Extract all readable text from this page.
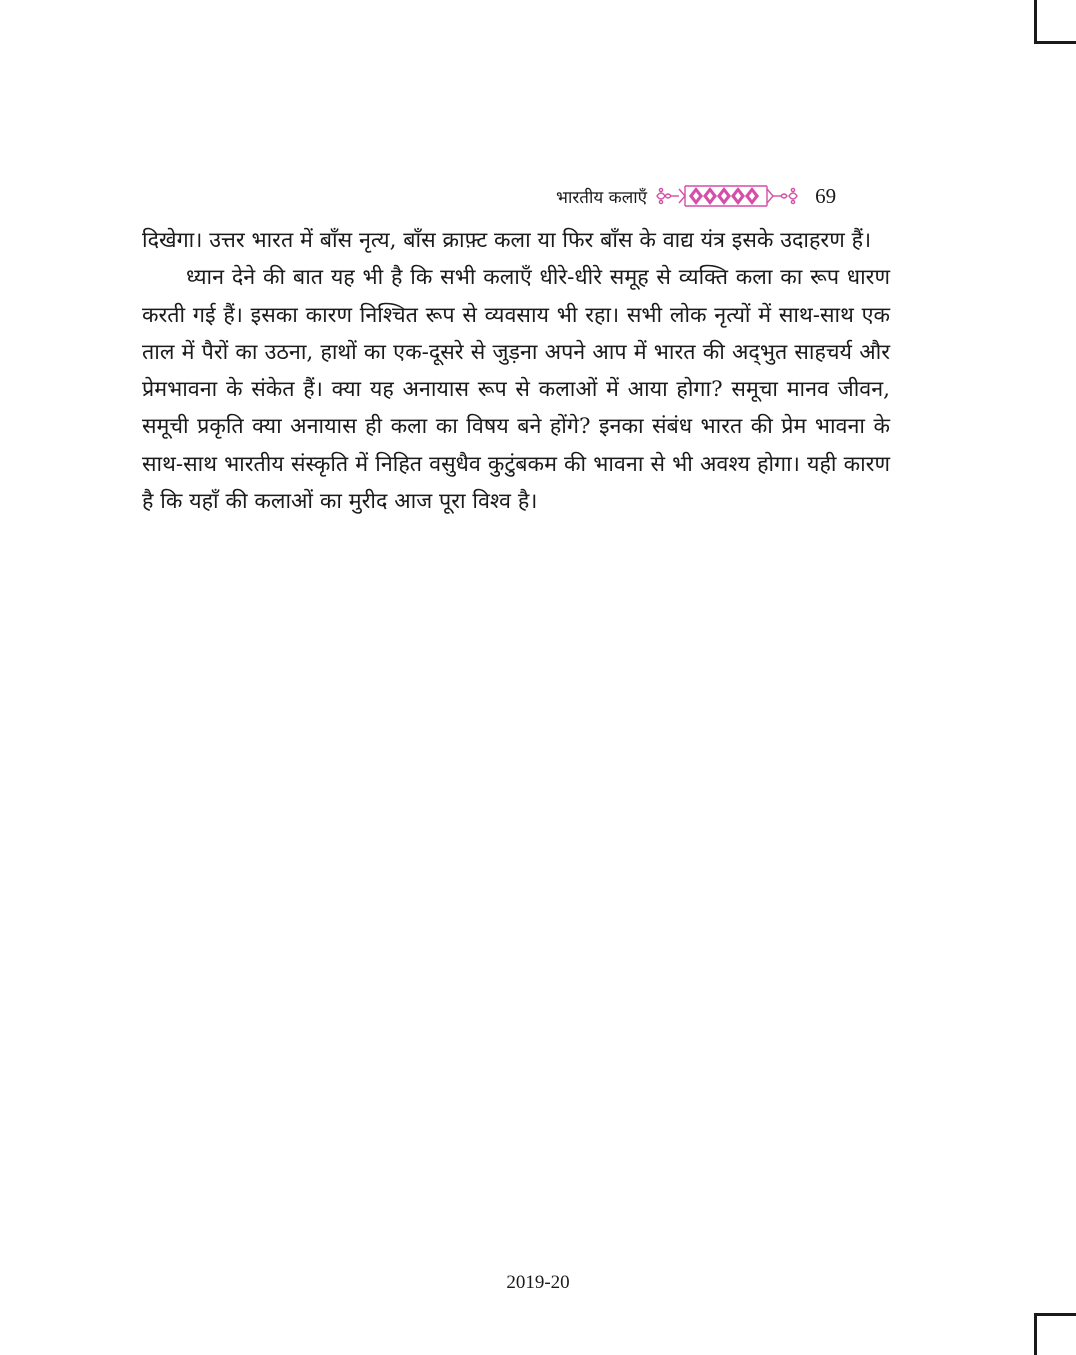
भारतीय कलाएँ	69

दिखेगा। उत्तर भारत में बाँस नृत्य, बाँस क्राफ़्ट कला या फिर बाँस के वाद्य यंत्र इसके उदाहरण हैं।

ध्यान देने की बात यह भी है कि सभी कलाएँ धीरे-धीरे समूह से व्यक्ति कला का रूप धारण करती गई हैं। इसका कारण निश्चित रूप से व्यवसाय भी रहा। सभी लोक नृत्यों में साथ-साथ एक ताल में पैरों का उठना, हाथों का एक-दूसरे से जुड़ना अपने आप में भारत की अद्‌भुत साहचर्य और प्रेमभावना के संकेत हैं। क्या यह अनायास रूप से कलाओं में आया होगा? समूचा मानव जीवन, समूची प्रकृति क्या अनायास ही कला का विषय बने होंगे? इनका संबंध भारत की प्रेम भावना के साथ-साथ भारतीय संस्कृति में निहित वसुधैव कुटुंबकम की भावना से भी अवश्य होगा। यही कारण है कि यहाँ की कलाओं का मुरीद आज पूरा विश्व है।

2019-20
